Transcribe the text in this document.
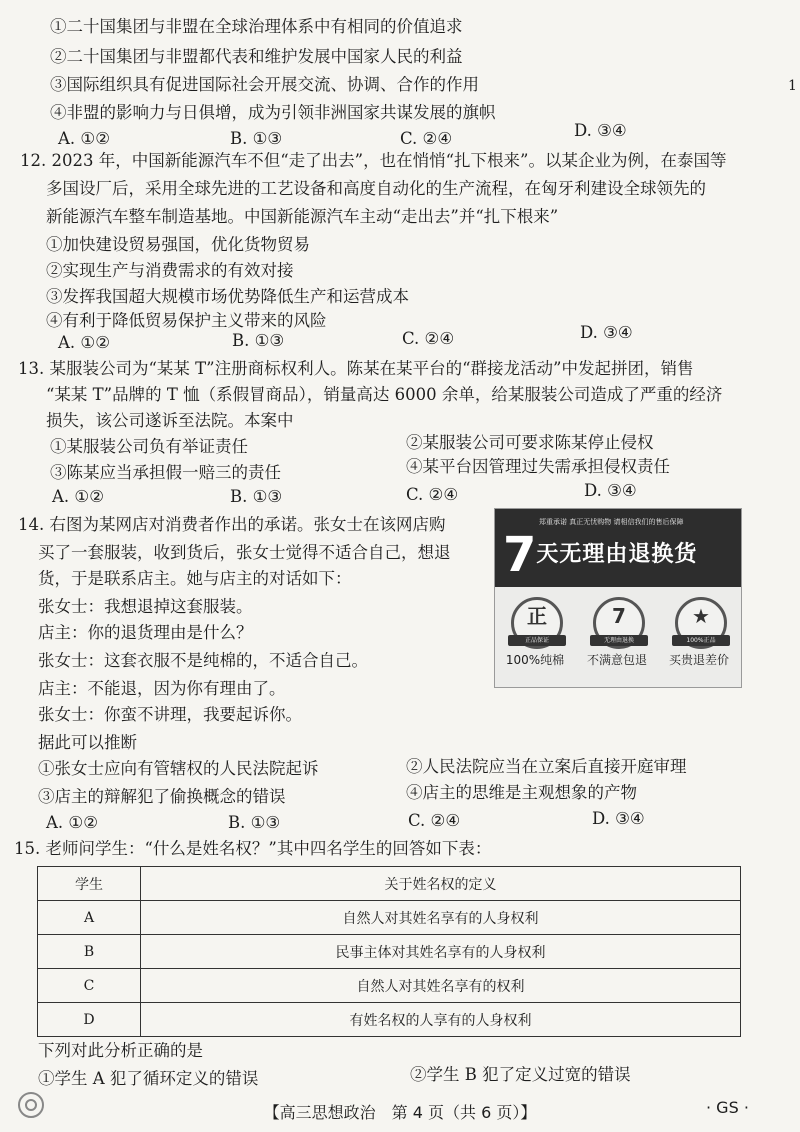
①二十国集团与非盟在全球治理体系中有相同的价值追求
②二十国集团与非盟都代表和维护发展中国家人民的利益
③国际组织具有促进国际社会开展交流、协调、合作的作用
④非盟的影响力与日俱增，成为引领非洲国家共谋发展的旗帜
A. ①②	B. ①③	C. ②④	D. ③④
1
12. 2023 年，中国新能源汽车不但“走了出去”，也在悄悄“扎下根来”。以某企业为例，在泰国等
多国设厂后，采用全球先进的工艺设备和高度自动化的生产流程，在匈牙利建设全球领先的
新能源汽车整车制造基地。中国新能源汽车主动“走出去”并“扎下根来”
①加快建设贸易强国，优化货物贸易
②实现生产与消费需求的有效对接
③发挥我国超大规模市场优势降低生产和运营成本
④有利于降低贸易保护主义带来的风险
A. ①②	B. ①③	C. ②④	D. ③④
13. 某服装公司为“某某 T”注册商标权利人。陈某在某平台的“群接龙活动”中发起拼团，销售
“某某 T”品牌的 T 恤（系假冒商品），销量高达 6000 余单，给某服装公司造成了严重的经济
损失，该公司遂诉至法院。本案中
①某服装公司负有举证责任	②某服装公司可要求陈某停止侵权
③陈某应当承担假一赔三的责任	④某平台因管理过失需承担侵权责任
A. ①②	B. ①③	C. ②④	D. ③④
14. 右图为某网店对消费者作出的承诺。张女士在该网店购
买了一套服装，收到货后，张女士觉得不适合自己，想退
货，于是联系店主。她与店主的对话如下：
张女士：我想退掉这套服装。
店主：你的退货理由是什么？
张女士：这套衣服不是纯棉的，不适合自己。
店主：不能退，因为你有理由了。
张女士：你蛮不讲理，我要起诉你。
据此可以推断
①张女士应向有管辖权的人民法院起诉	②人民法院应当在立案后直接开庭审理
③店主的辩解犯了偷换概念的错误	④店主的思维是主观想象的产物
A. ①②	B. ①③	C. ②④	D. ③④
郑重承诺 真正无忧购物 请相信我们的售后保障
7天无理由退换货
正
正品保证
7
无理由退换
★
100%正品
100%纯棉	不满意包退	买贵退差价
15. 老师问学生：“什么是姓名权？”其中四名学生的回答如下表：
学生	关于姓名权的定义
A	自然人对其姓名享有的人身权利
B	民事主体对其姓名享有的人身权利
C	自然人对其姓名享有的权利
D	有姓名权的人享有的人身权利
下列对此分析正确的是
①学生 A 犯了循环定义的错误	②学生 B 犯了定义过宽的错误
【高三思想政治　第 4 页（共 6 页）】	· GS ·
